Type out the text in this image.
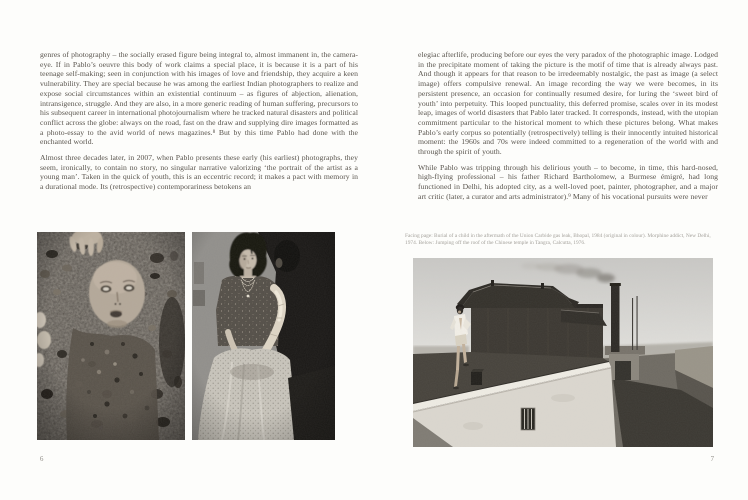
genres of photography – the socially erased figure being integral to, almost immanent in, the camera-eye. If in Pablo’s oeuvre this body of work claims a special place, it is because it is a part of his teenage self-making; seen in conjunction with his images of love and friendship, they acquire a keen vulnerability. They are special because he was among the earliest Indian photographers to realize and expose social circumstances within an existential continuum – as figures of abjection, alienation, intransigence, struggle. And they are also, in a more generic reading of human suffering, precursors to his subsequent career in international photojournalism where he tracked natural disasters and political conflict across the globe: always on the road, fast on the draw and supplying dire images formatted as a photo-essay to the avid world of news magazines.⁸ But by this time Pablo had done with the enchanted world.

Almost three decades later, in 2007, when Pablo presents these early (his earliest) photographs, they seem, ironically, to contain no story, no singular narrative valorizing ‘the portrait of the artist as a young man’. Taken in the quick of youth, this is an eccentric record; it makes a pact with memory in a durational mode. Its (retrospective) contemporariness betokens an

6

elegiac afterlife, producing before our eyes the very paradox of the photographic image. Lodged in the precipitate moment of taking the picture is the motif of time that is already always past. And though it appears for that reason to be irredeemably nostalgic, the past as image (a select image) offers compulsive renewal. An image recording the way we were becomes, in its persistent presence, an occasion for continually resumed desire, for luring the ‘sweet bird of youth’ into perpetuity. This looped punctuality, this deferred promise, scales over in its modest leap, images of world disasters that Pablo later tracked. It corresponds, instead, with the utopian commitment particular to the historical moment to which these pictures belong. What makes Pablo’s early corpus so potentially (retrospectively) telling is their innocently intuited historical moment: the 1960s and 70s were indeed committed to a regeneration of the world with and through the spirit of youth.

While Pablo was tripping through his delirious youth – to become, in time, this hard-nosed, high-flying professional – his father Richard Bartholomew, a Burmese émigré, had long functioned in Delhi, his adopted city, as a well-loved poet, painter, photographer, and a major art critic (later, a curator and arts administrator).⁹ Many of his vocational pursuits were never

Facing page: Burial of a child in the aftermath of the Union Carbide gas leak, Bhopal, 1984 (original in colour). Morphine addict, New Delhi, 1974. Below: Jumping off the roof of the Chinese temple in Tangra, Calcutta, 1976.
7
